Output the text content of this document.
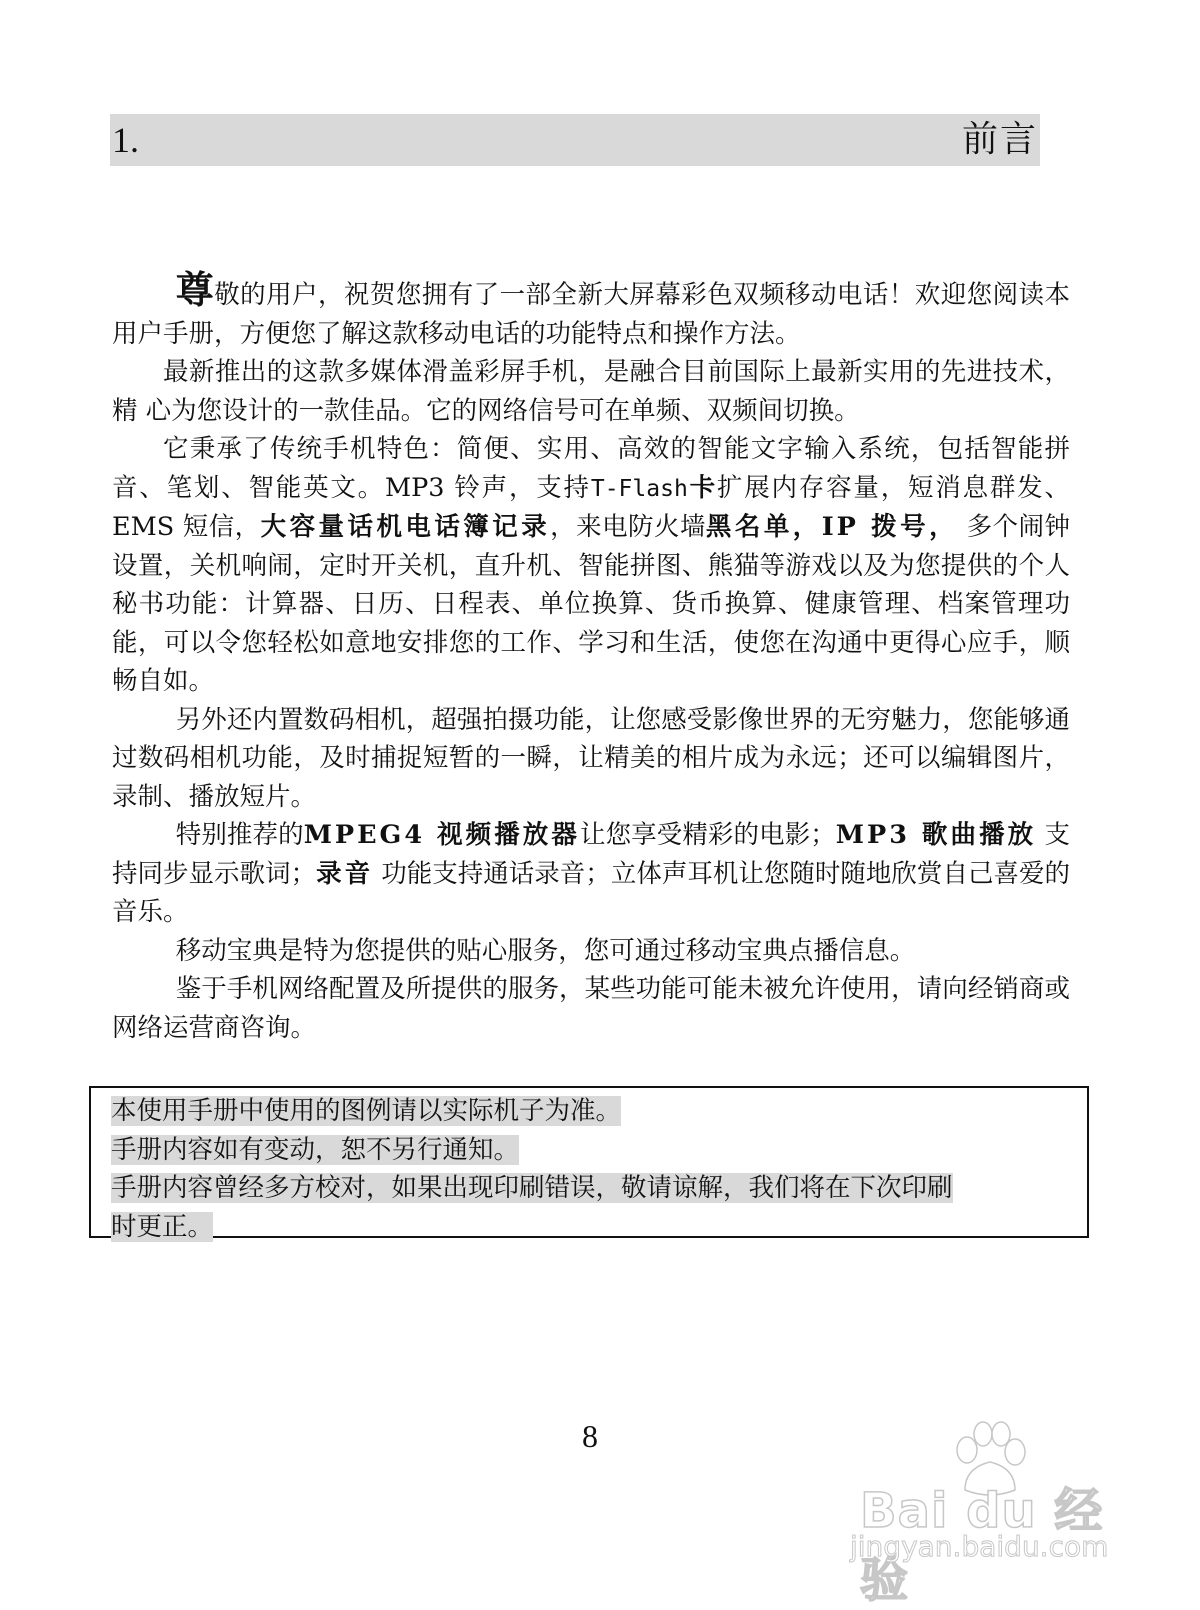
1.	前言

尊敬的用户，祝贺您拥有了一部全新大屏幕彩色双频移动电话！欢迎您阅读本用户手册，方便您了解这款移动电话的功能特点和操作方法。

最新推出的这款多媒体滑盖彩屏手机，是融合目前国际上最新实用的先进技术，精 心为您设计的一款佳品。它的网络信号可在单频、双频间切换。

它秉承了传统手机特色：简便、实用、高效的智能文字输入系统，包括智能拼音、笔划、智能英文。MP3 铃声，支持T-Flash卡扩展内存容量，短消息群发、EMS 短信，大容量话机电话簿记录，来电防火墙黑名单，IP 拨号， 多个闹钟设置，关机响闹，定时开关机，直升机、智能拼图、熊猫等游戏以及为您提供的个人秘书功能：计算器、日历、日程表、单位换算、货币换算、健康管理、档案管理功能，可以令您轻松如意地安排您的工作、学习和生活，使您在沟通中更得心应手，顺畅自如。

另外还内置数码相机，超强拍摄功能，让您感受影像世界的无穷魅力，您能够通过数码相机功能，及时捕捉短暂的一瞬，让精美的相片成为永远；还可以编辑图片，录制、播放短片。

特别推荐的MPEG4 视频播放器让您享受精彩的电影；MP3 歌曲播放 支持同步显示歌词；录音 功能支持通话录音；立体声耳机让您随时随地欣赏自己喜爱的音乐。

移动宝典是特为您提供的贴心服务，您可通过移动宝典点播信息。

鉴于手机网络配置及所提供的服务，某些功能可能未被允许使用，请向经销商或网络运营商咨询。

本使用手册中使用的图例请以实际机子为准。
手册内容如有变动，恕不另行通知。
手册内容曾经多方校对，如果出现印刷错误，敬请谅解，我们将在下次印刷
时更正。
8
Bai du 经验
jingyan.baidu.com
